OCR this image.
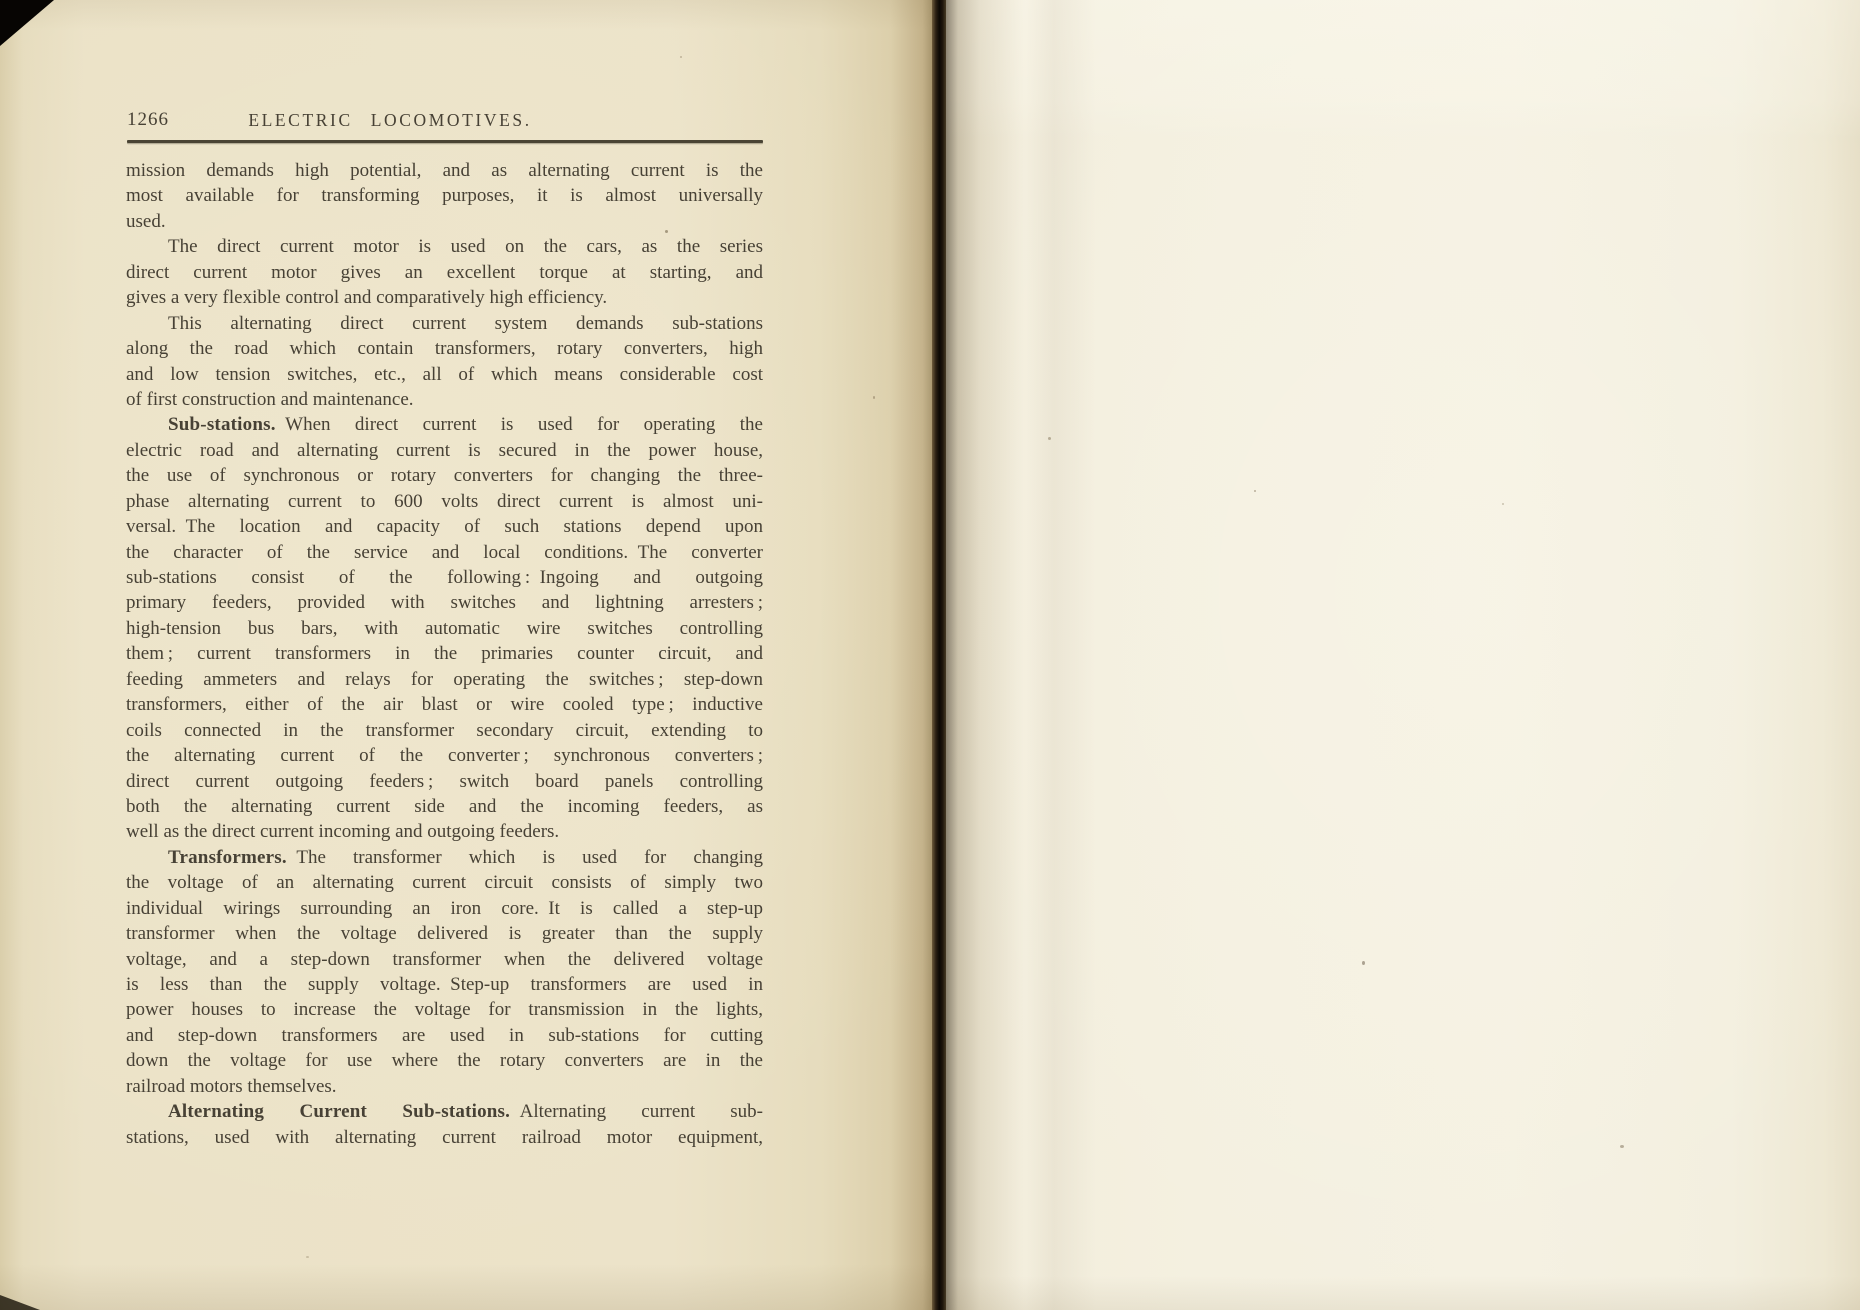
1266	ELECTRIC LOCOMOTIVES.
mission demands high potential, and as alternating current is the
most available for transforming purposes, it is almost universally
used.
The direct current motor is used on the cars, as the series
direct current motor gives an excellent torque at starting, and
gives a very flexible control and comparatively high efficiency.
This alternating direct current system demands sub-stations
along the road which contain transformers, rotary converters, high
and low tension switches, etc., all of which means considerable cost
of first construction and maintenance.
Sub-stations. When direct current is used for operating the
electric road and alternating current is secured in the power house,
the use of synchronous or rotary converters for changing the three-
phase alternating current to 600 volts direct current is almost uni-
versal. The location and capacity of such stations depend upon
the character of the service and local conditions. The converter
sub-stations consist of the following : Ingoing and outgoing
primary feeders, provided with switches and lightning arresters ;
high-tension bus bars, with automatic wire switches controlling
them ; current transformers in the primaries counter circuit, and
feeding ammeters and relays for operating the switches ; step-down
transformers, either of the air blast or wire cooled type ; inductive
coils connected in the transformer secondary circuit, extending to
the alternating current of the converter ; synchronous converters ;
direct current outgoing feeders ; switch board panels controlling
both the alternating current side and the incoming feeders, as
well as the direct current incoming and outgoing feeders.
Transformers. The transformer which is used for changing
the voltage of an alternating current circuit consists of simply two
individual wirings surrounding an iron core. It is called a step-up
transformer when the voltage delivered is greater than the supply
voltage, and a step-down transformer when the delivered voltage
is less than the supply voltage. Step-up transformers are used in
power houses to increase the voltage for transmission in the lights,
and step-down transformers are used in sub-stations for cutting
down the voltage for use where the rotary converters are in the
railroad motors themselves.
Alternating Current Sub-stations. Alternating current sub-
stations, used with alternating current railroad motor equipment,
